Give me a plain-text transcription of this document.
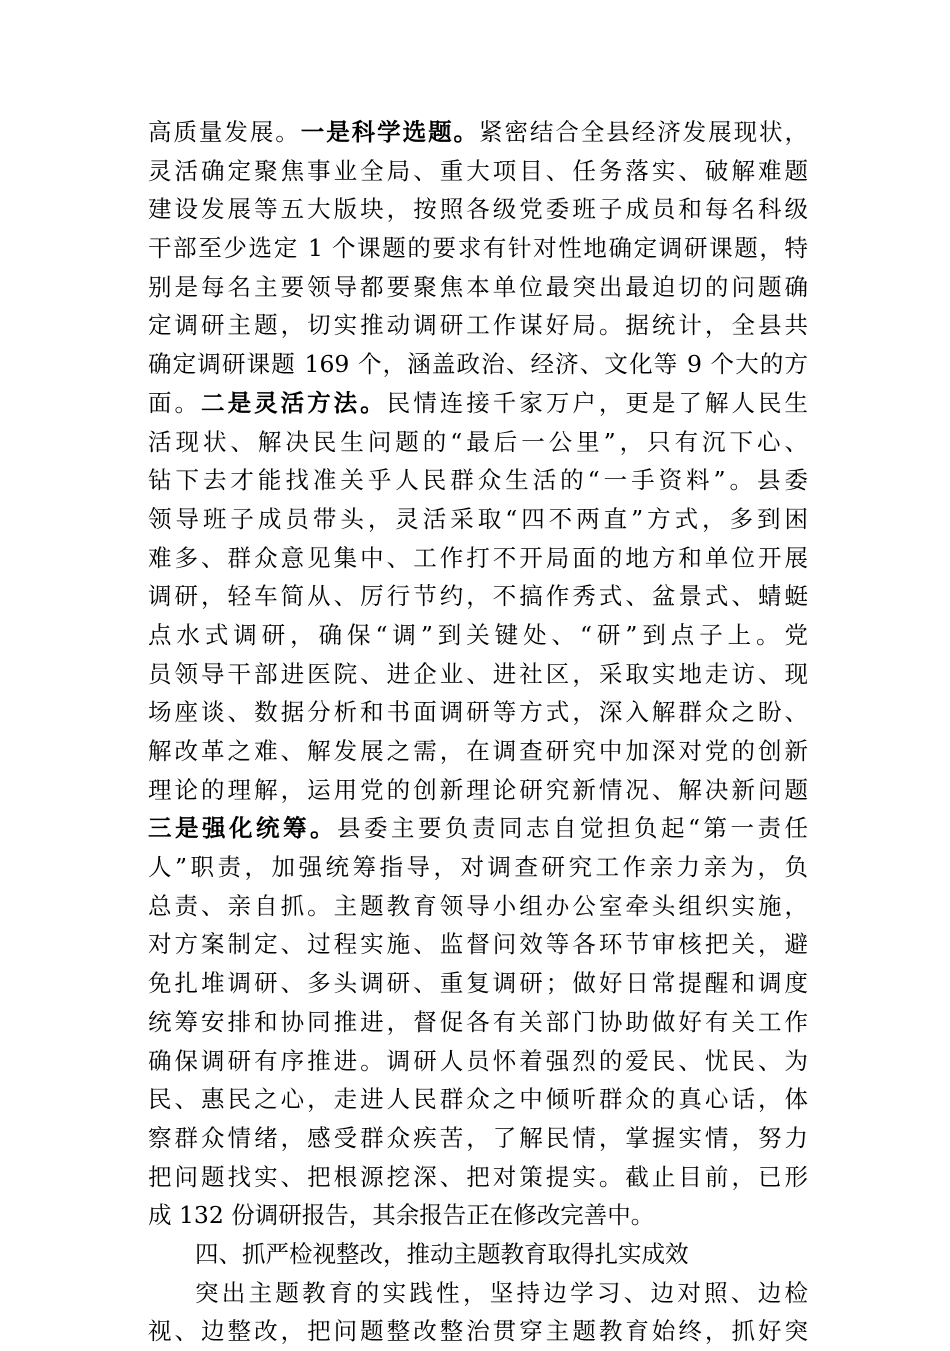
高质量发展。一是科学选题。紧密结合全县经济发展现状，
灵活确定聚焦事业全局、重大项目、任务落实、破解难题
建设发展等五大版块，按照各级党委班子成员和每名科级
干部至少选定 1 个课题的要求有针对性地确定调研课题，特
别是每名主要领导都要聚焦本单位最突出最迫切的问题确
定调研主题，切实推动调研工作谋好局。据统计，全县共
确定调研课题 169 个，涵盖政治、经济、文化等 9 个大的方
面。二是灵活方法。民情连接千家万户，更是了解人民生
活现状、解决民生问题的“最后一公里”，只有沉下心、
钻下去才能找准关乎人民群众生活的“一手资料”。县委
领导班子成员带头，灵活采取“四不两直”方式，多到困
难多、群众意见集中、工作打不开局面的地方和单位开展
调研，轻车简从、厉行节约，不搞作秀式、盆景式、蜻蜓
点水式调研，确保“调”到关键处、“研”到点子上。党
员领导干部进医院、进企业、进社区，采取实地走访、现
场座谈、数据分析和书面调研等方式，深入解群众之盼、
解改革之难、解发展之需，在调查研究中加深对党的创新
理论的理解，运用党的创新理论研究新情况、解决新问题
三是强化统筹。县委主要负责同志自觉担负起“第一责任
人”职责，加强统筹指导，对调查研究工作亲力亲为，负
总责、亲自抓。主题教育领导小组办公室牵头组织实施，
对方案制定、过程实施、监督问效等各环节审核把关，避
免扎堆调研、多头调研、重复调研；做好日常提醒和调度
统筹安排和协同推进，督促各有关部门协助做好有关工作
确保调研有序推进。调研人员怀着强烈的爱民、忧民、为
民、惠民之心，走进人民群众之中倾听群众的真心话，体
察群众情绪，感受群众疾苦，了解民情，掌握实情，努力
把问题找实、把根源挖深、把对策提实。截止目前，已形
成 132 份调研报告，其余报告正在修改完善中。
四、抓严检视整改，推动主题教育取得扎实成效
突出主题教育的实践性，坚持边学习、边对照、边检
视、边整改，把问题整改整治贯穿主题教育始终，抓好突
